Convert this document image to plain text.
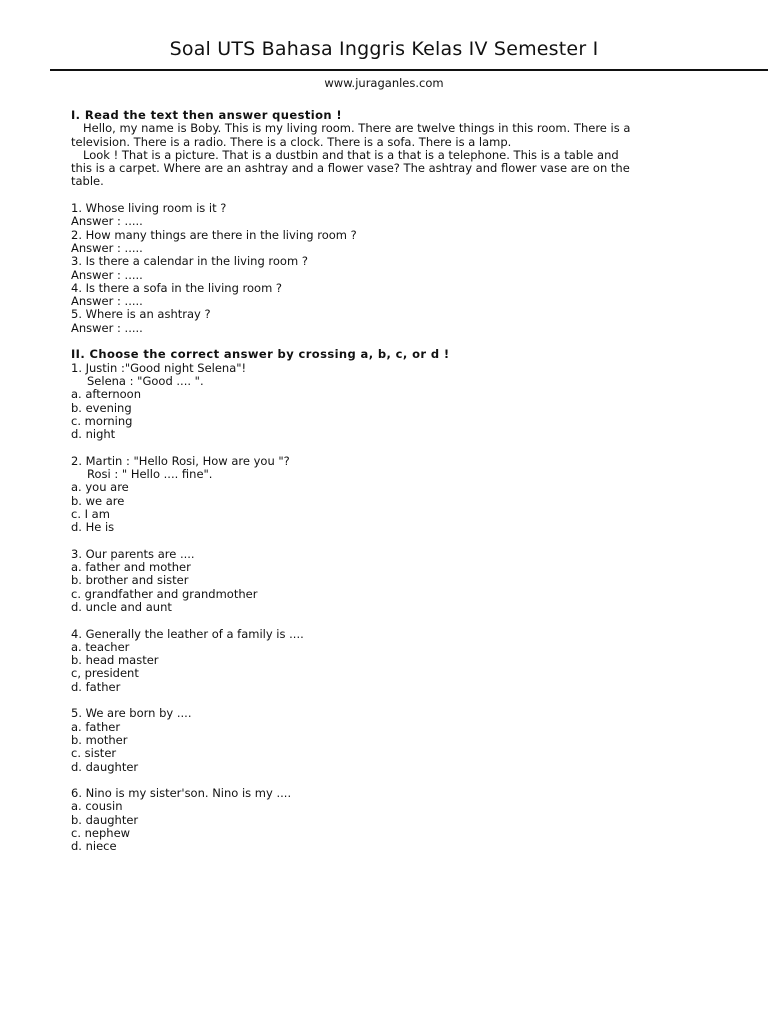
Soal UTS Bahasa Inggris Kelas IV Semester I
www.juraganles.com
I. Read the text then answer question !
Hello, my name is Boby. This is my living room. There are twelve things in this room. There is a
television. There is a radio. There is a clock. There is a sofa. There is a lamp.
Look ! That is a picture. That is a dustbin and that is a that is a telephone. This is a table and
this is a carpet. Where are an ashtray and a flower vase? The ashtray and flower vase are on the
table.
1. Whose living room is it ?
Answer : .....
2. How many things are there in the living room ?
Answer : .....
3. Is there a calendar in the living room ?
Answer : .....
4. Is there a sofa in the living room ?
Answer : .....
5. Where is an ashtray ?
Answer : .....
II. Choose the correct answer by crossing a, b, c, or d !
1. Justin :"Good night Selena"!
Selena : "Good .... ".
a. afternoon
b. evening
c. morning
d. night
2. Martin : "Hello Rosi, How are you "?
Rosi : " Hello .... fine".
a. you are
b. we are
c. I am
d. He is
3. Our parents are ....
a. father and mother
b. brother and sister
c. grandfather and grandmother
d. uncle and aunt
4. Generally the leather of a family is ....
a. teacher
b. head master
c, president
d. father
5. We are born by ....
a. father
b. mother
c. sister
d. daughter
6. Nino is my sister'son. Nino is my ....
a. cousin
b. daughter
c. nephew
d. niece
